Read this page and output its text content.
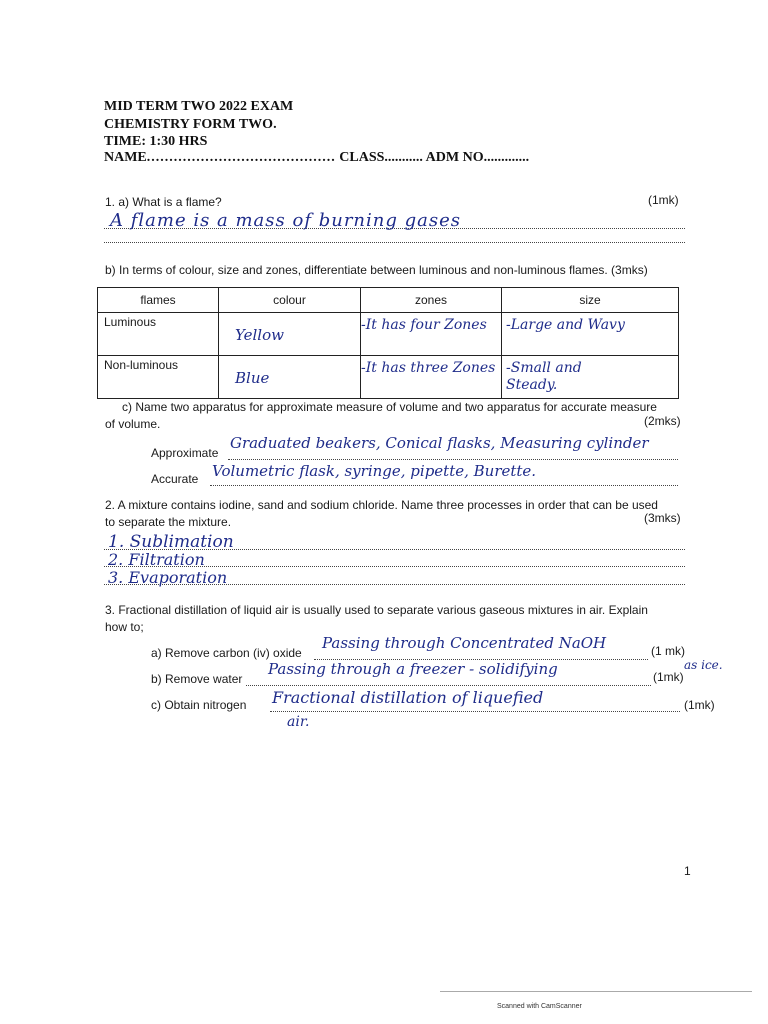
MID TERM TWO 2022 EXAM
CHEMISTRY FORM TWO.
TIME: 1:30 HRS
NAME.......................................... CLASS........... ADM NO.............
1. a) What is a flame?	(1mk)
A flame is a mass of burning gases
b) In terms of colour, size and zones, differentiate between luminous and non-luminous flames. (3mks)
flames	colour	zones	size
Luminous	Yellow	-It has four Zones	-Large and Wavy

Non-luminous	Blue	-It has three Zones	-Small and Steady.
c) Name two apparatus for approximate measure of volume and two apparatus for accurate measure
of volume.	(2mks)
Approximate
Graduated beakers, Conical flasks, Measuring cylinder
Accurate Volumetric flask, syringe, pipette, Burette.
2. A mixture contains iodine, sand and sodium chloride. Name three processes in order that can be used
to separate the mixture.	(3mks)
1. Sublimation
2. Filtration
3. Evaporation
3. Fractional distillation of liquid air is usually used to separate various gaseous mixtures in air. Explain
how to;
a) Remove carbon (iv) oxide
Passing through Concentrated NaOH	(1 mk)
b) Remove water
Passing through a freezer - solidifying	as ice.
(1mk)
c) Obtain nitrogen Fractional distillation of liquefied	(1mk)
air.
1
Scanned with CamScanner
